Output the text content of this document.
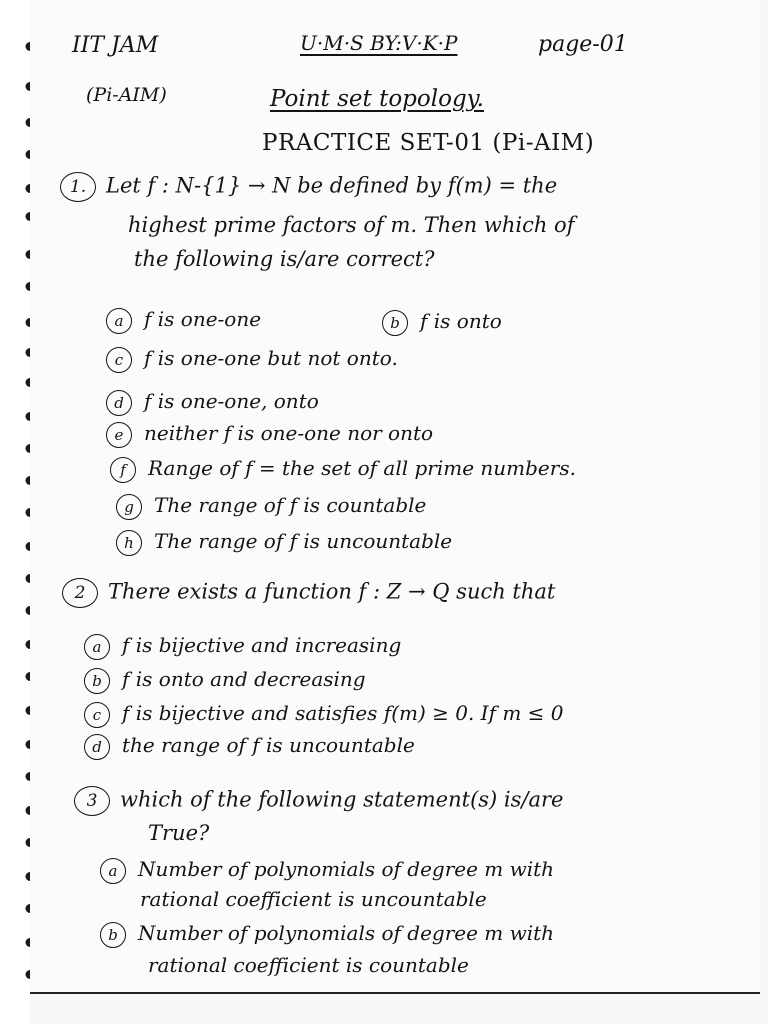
IIT JAM	U·M·S BY:V·K·P	page-01
(Pi-AIM)	Point set topology.
PRACTICE SET-01 (Pi-AIM)
1. Let f : N-{1} → N be defined by f(m) = the
highest prime factors of m. Then which of
the following is/are correct?
a f is one-one	b f is onto
c f is one-one but not onto.
d f is one-one, onto
e neither f is one-one nor onto
f Range of f = the set of all prime numbers.
g The range of f is countable
h The range of f is uncountable
2 There exists a function f : Z → Q such that
a f is bijective and increasing
b f is onto and decreasing
c f is bijective and satisfies f(m) ≥ 0. If m ≤ 0
d the range of f is uncountable
3 which of the following statement(s) is/are
True?
a Number of polynomials of degree m with
rational coefficient is uncountable
b Number of polynomials of degree m with
rational coefficient is countable
